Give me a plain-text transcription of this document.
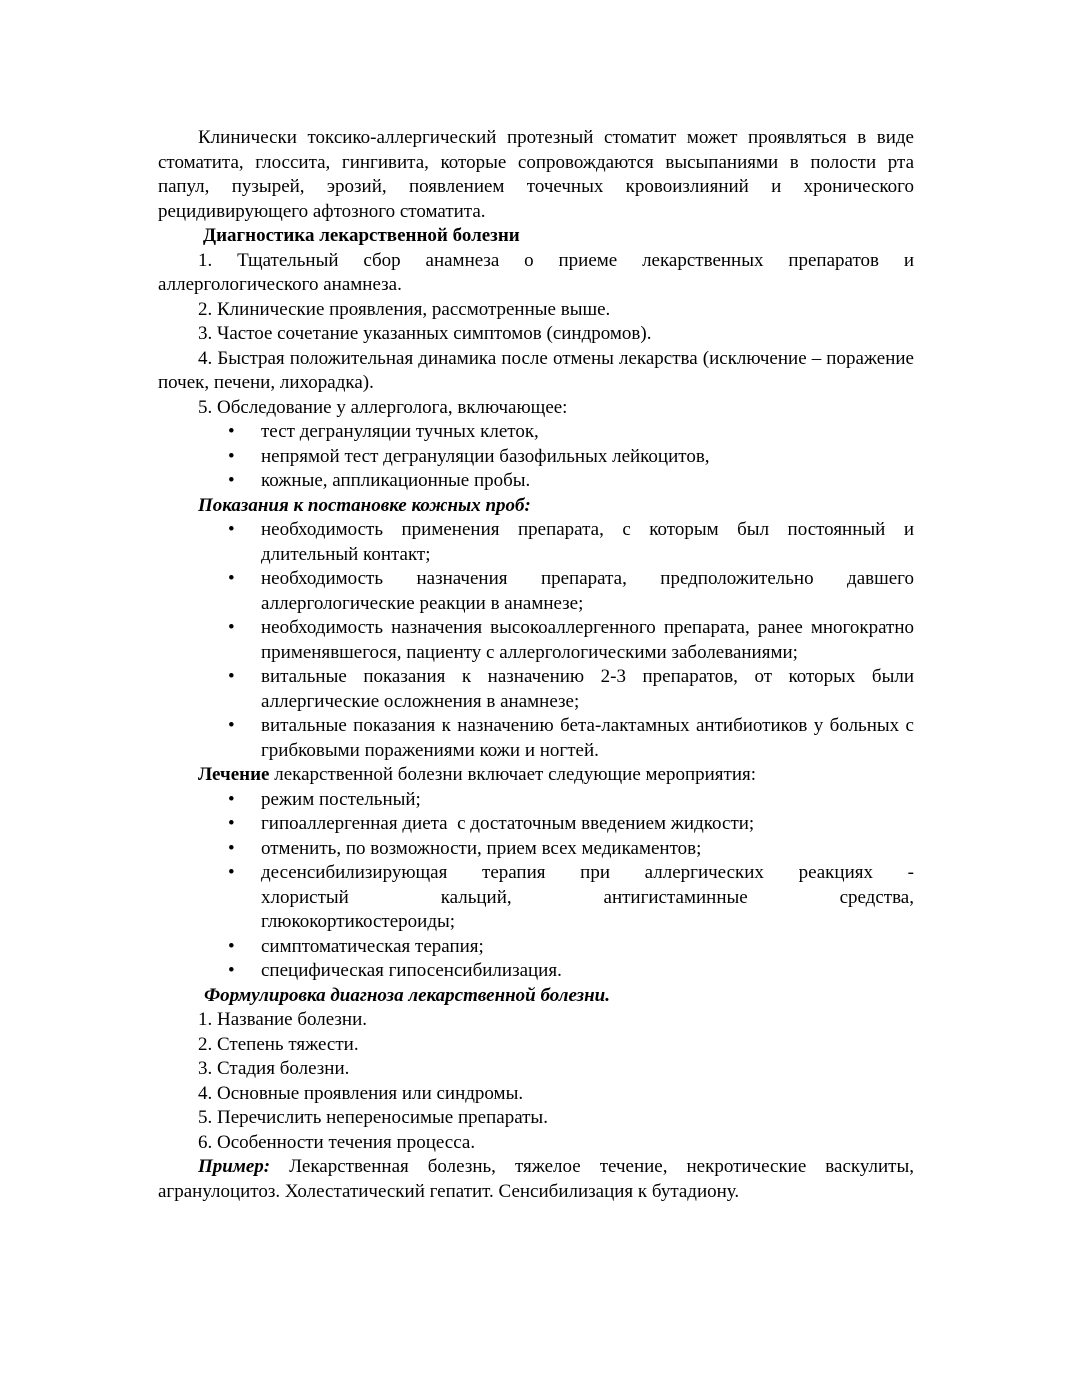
Клинически токсико-аллергический протезный стоматит может проявляться в виде стоматита, глоссита, гингивита, которые сопровождаются высыпаниями в полости рта папул, пузырей, эрозий, появлением точечных кровоизлияний и хронического рецидивирующего афтозного стоматита.

Диагностика лекарственной болезни

1. Тщательный сбор анамнеза о приеме лекарственных препаратов и аллергологического анамнеза.

2. Клинические проявления, рассмотренные выше.

3. Частое сочетание указанных симптомов (синдромов).

4. Быстрая положительная динамика после отмены лекарства (исключение – поражение почек, печени, лихорадка).

5. Обследование у аллерголога, включающее:

• тест дегрануляции тучных клеток,
• непрямой тест дегрануляции базофильных лейкоцитов,
• кожные, аппликационные пробы.

Показания к постановке кожных проб:

• необходимость применения препарата, с которым был постоянный и длительный контакт;
• необходимость назначения препарата, предположительно давшего аллергологические реакции в анамнезе;
• необходимость назначения высокоаллергенного препарата, ранее многократно применявшегося, пациенту с аллергологическими заболеваниями;
• витальные показания к назначению 2-3 препаратов, от которых были аллергические осложнения в анамнезе;
• витальные показания к назначению бета-лактамных антибиотиков у больных с грибковыми поражениями кожи и ногтей.

Лечение лекарственной болезни включает следующие мероприятия:

• режим постельный;
• гипоаллергенная диета  с достаточным введением жидкости;
• отменить, по возможности, прием всех медикаментов;
• десенсибилизирующая терапия при аллергических реакциях -
хлористый кальций, антигистаминные средства,
глюкокортикостероиды;
• симптоматическая терапия;
• специфическая гипосенсибилизация.

Формулировка диагноза лекарственной болезни.

1. Название болезни.

2. Степень тяжести.

3. Стадия болезни.

4. Основные проявления или синдромы.

5. Перечислить непереносимые препараты.

6. Особенности течения процесса.

Пример: Лекарственная болезнь, тяжелое течение, некротические васкулиты, агранулоцитоз. Холестатический гепатит. Сенсибилизация к бутадиону.
